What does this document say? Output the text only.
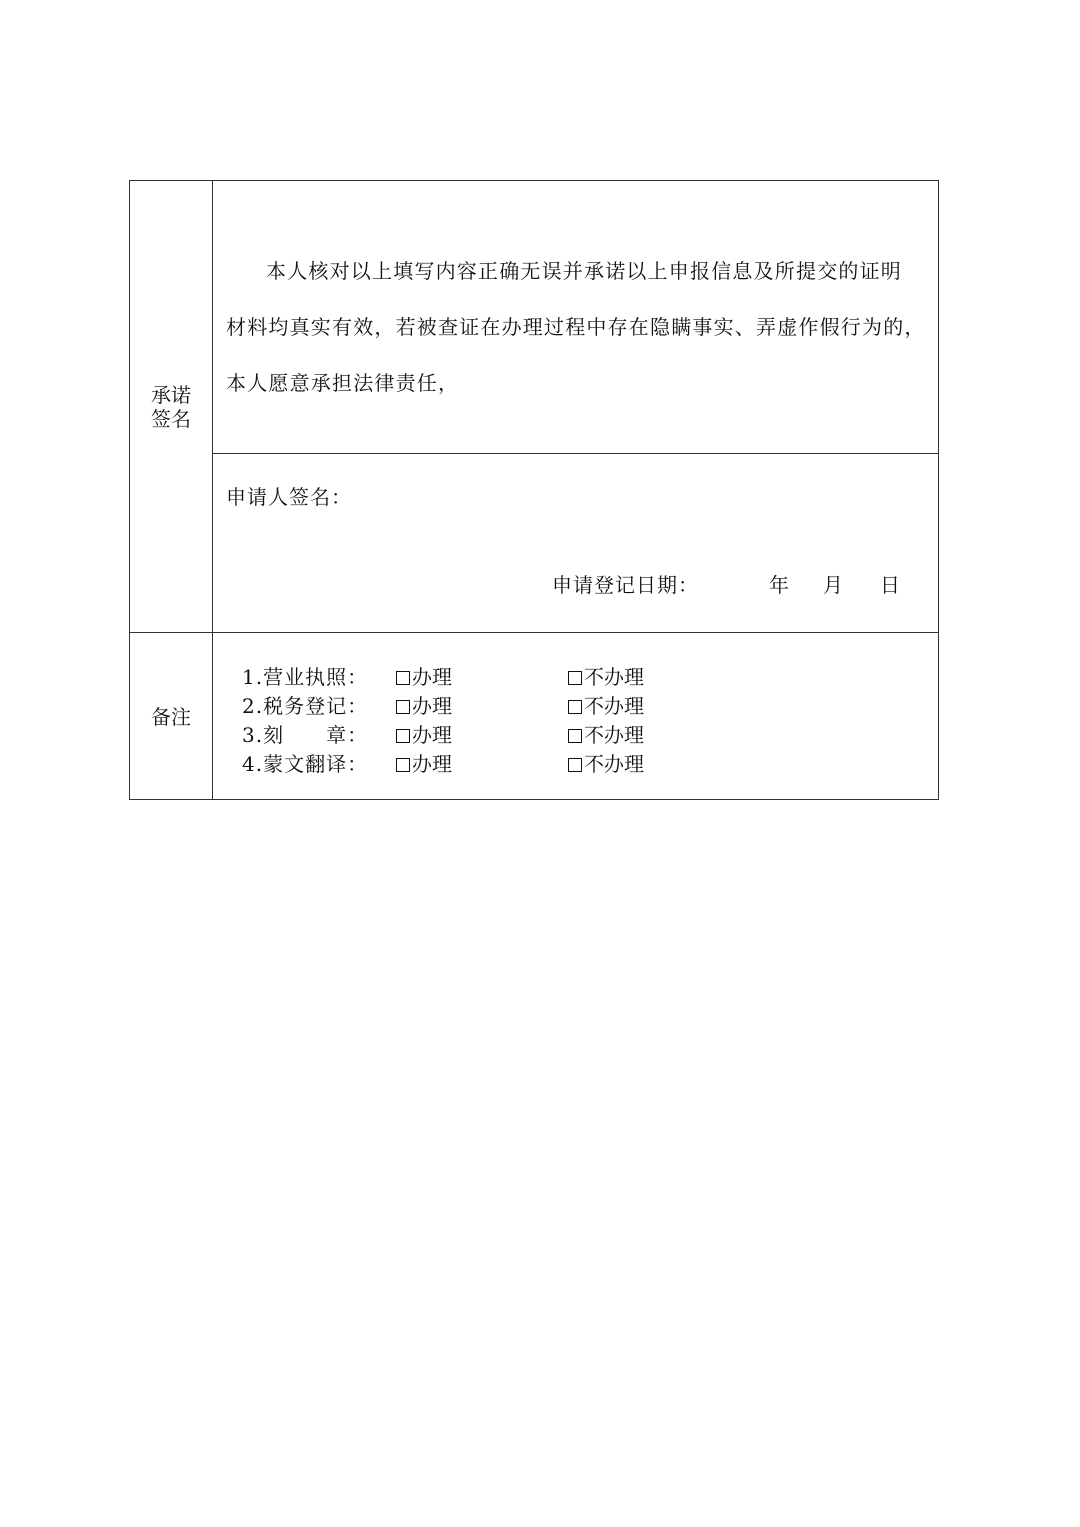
承诺
签名
本人核对以上填写内容正确无误并承诺以上申报信息及所提交的证明
材料均真实有效，若被查证在办理过程中存在隐瞒事实、弄虚作假行为的，
本人愿意承担法律责任，
申请人签名：
申请登记日期：	年 月 日
备注
1.营业执照： 办理	不办理
2.税务登记： 办理	不办理
3.刻　　章： 办理	不办理
4.蒙文翻译： 办理	不办理
